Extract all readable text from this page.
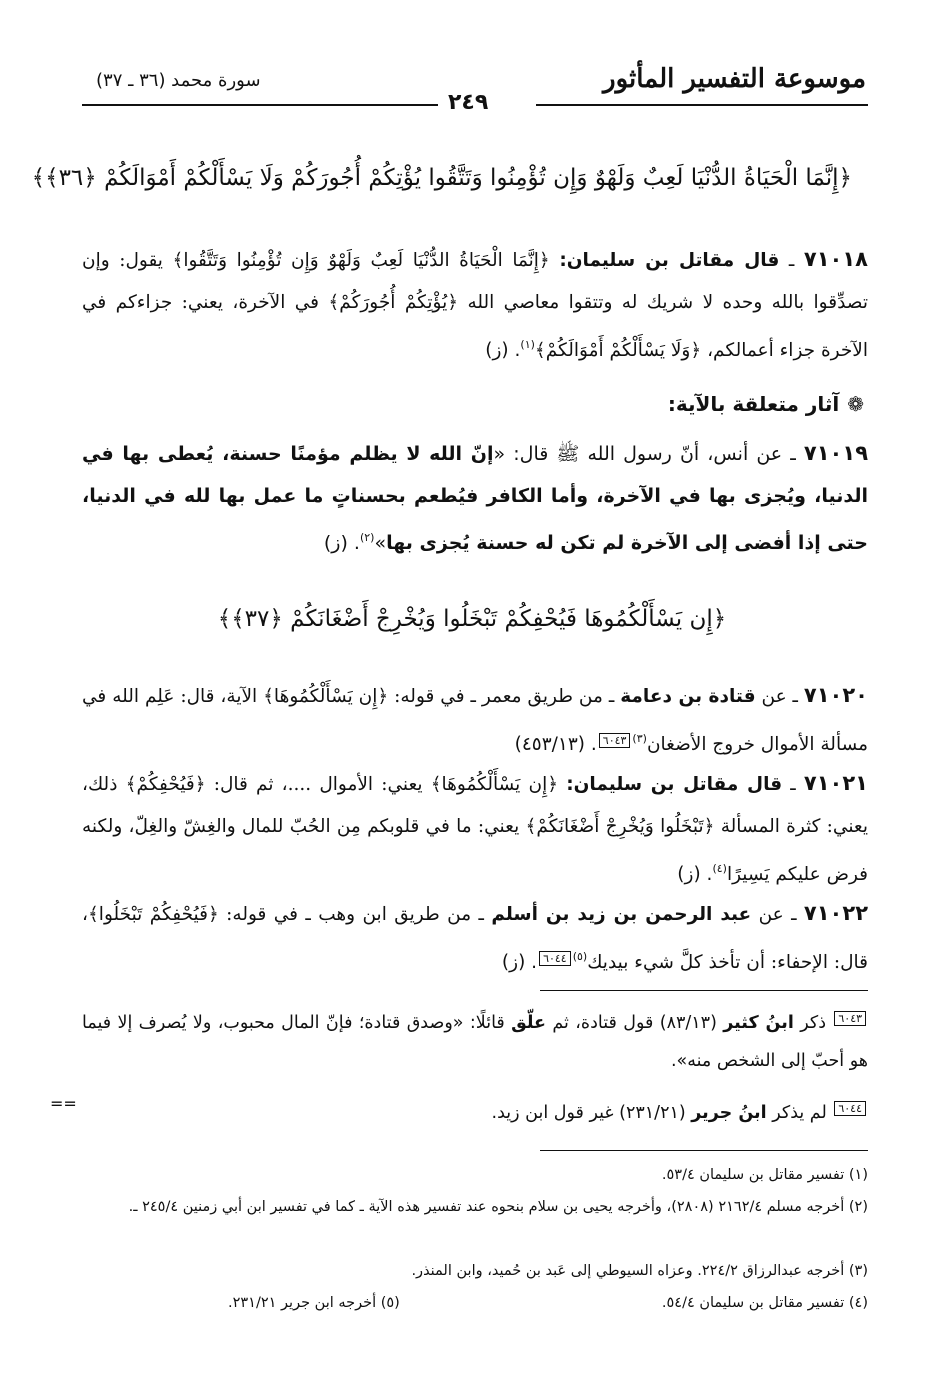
موسوعة التفسير المأثور
سورة محمد (٣٦ ـ ٣٧)
٢٤٩
﴿إِنَّمَا الْحَيَاةُ الدُّنْيَا لَعِبٌ وَلَهْوٌ وَإِن تُؤْمِنُوا وَتَتَّقُوا يُؤْتِكُمْ أُجُورَكُمْ وَلَا يَسْأَلْكُمْ أَمْوَالَكُمْ ﴿٣٦﴾﴾
٧١٠١٨ ـ قال مقاتل بن سليمان: ﴿إِنَّمَا الْحَيَاةُ الدُّنْيَا لَعِبٌ وَلَهْوٌ وَإِن تُؤْمِنُوا وَتَتَّقُوا﴾ يقول: وإن تصدِّقوا بالله وحده لا شريك له وتتقوا معاصي الله ﴿يُؤْتِكُمْ أُجُورَكُمْ﴾ في الآخرة، يعني: جزاءكم في الآخرة جزاء أعمالكم، ﴿وَلَا يَسْأَلْكُمْ أَمْوَالَكُمْ﴾$^{(١)}$. (ز)
❁آثار متعلقة بالآية:
٧١٠١٩ ـ عن أنس، أنّ رسول الله ﷺ قال: «إنّ الله لا يظلم مؤمنًا حسنة، يُعطى بها في الدنيا، ويُجزى بها في الآخرة، وأما الكافر فيُطعم بحسناتٍ ما عمل بها لله في الدنيا، حتى إذا أفضى إلى الآخرة لم تكن له حسنة يُجزى بها»$^{(٢)}$. (ز)
﴿إِن يَسْأَلْكُمُوهَا فَيُحْفِكُمْ تَبْخَلُوا وَيُخْرِجْ أَضْغَانَكُمْ ﴿٣٧﴾﴾
٧١٠٢٠ ـ عن قتادة بن دعامة ـ من طريق معمر ـ في قوله: ﴿إِن يَسْأَلْكُمُوهَا﴾ الآية، قال: عَلِم الله في مسألة الأموال خروج الأضغان$^{(٣)}$٦٠٤٣. (٤٥٣/١٣)
٧١٠٢١ ـ قال مقاتل بن سليمان: ﴿إِن يَسْأَلْكُمُوهَا﴾ يعني: الأموال ....، ثم قال: ﴿فَيُحْفِكُمْ﴾ ذلك، يعني: كثرة المسألة ﴿تَبْخَلُوا وَيُخْرِجْ أَضْغَانَكُمْ﴾ يعني: ما في قلوبكم مِن الحُبّ للمال والغِشّ والغِلّ، ولكنه فرض عليكم يَسِيرًا$^{(٤)}$. (ز)
٧١٠٢٢ ـ عن عبد الرحمن بن زيد بن أسلم ـ من طريق ابن وهب ـ في قوله: ﴿فَيُحْفِكُمْ تَبْخَلُوا﴾، قال: الإحفاء: أن تأخذ كلَّ شيء بيديك$^{(٥)}$٦٠٤٤. (ز)
٦٠٤٣ ذكر ابنُ كثير (٨٣/١٣) قول قتادة، ثم علّق قائلًا: «وصدق قتادة؛ فإنّ المال محبوب، ولا يُصرف إلا فيما هو أحبّ إلى الشخص منه».
٦٠٤٤ لم يذكر ابنُ جرير (٢٣١/٢١) غير قول ابن زيد.
==
(١) تفسير مقاتل بن سليمان ٥٣/٤.
(٢) أخرجه مسلم ٢١٦٢/٤ (٢٨٠٨)، وأخرجه يحيى بن سلام بنحوه عند تفسير هذه الآية ـ كما في تفسير ابن أبي زمنين ٢٤٥/٤ ـ.
(٣) أخرجه عبدالرزاق ٢٢٤/٢. وعزاه السيوطي إلى عَبد بن حُميد، وابن المنذر.
(٤) تفسير مقاتل بن سليمان ٥٤/٤.
(٥) أخرجه ابن جرير ٢٣١/٢١.
